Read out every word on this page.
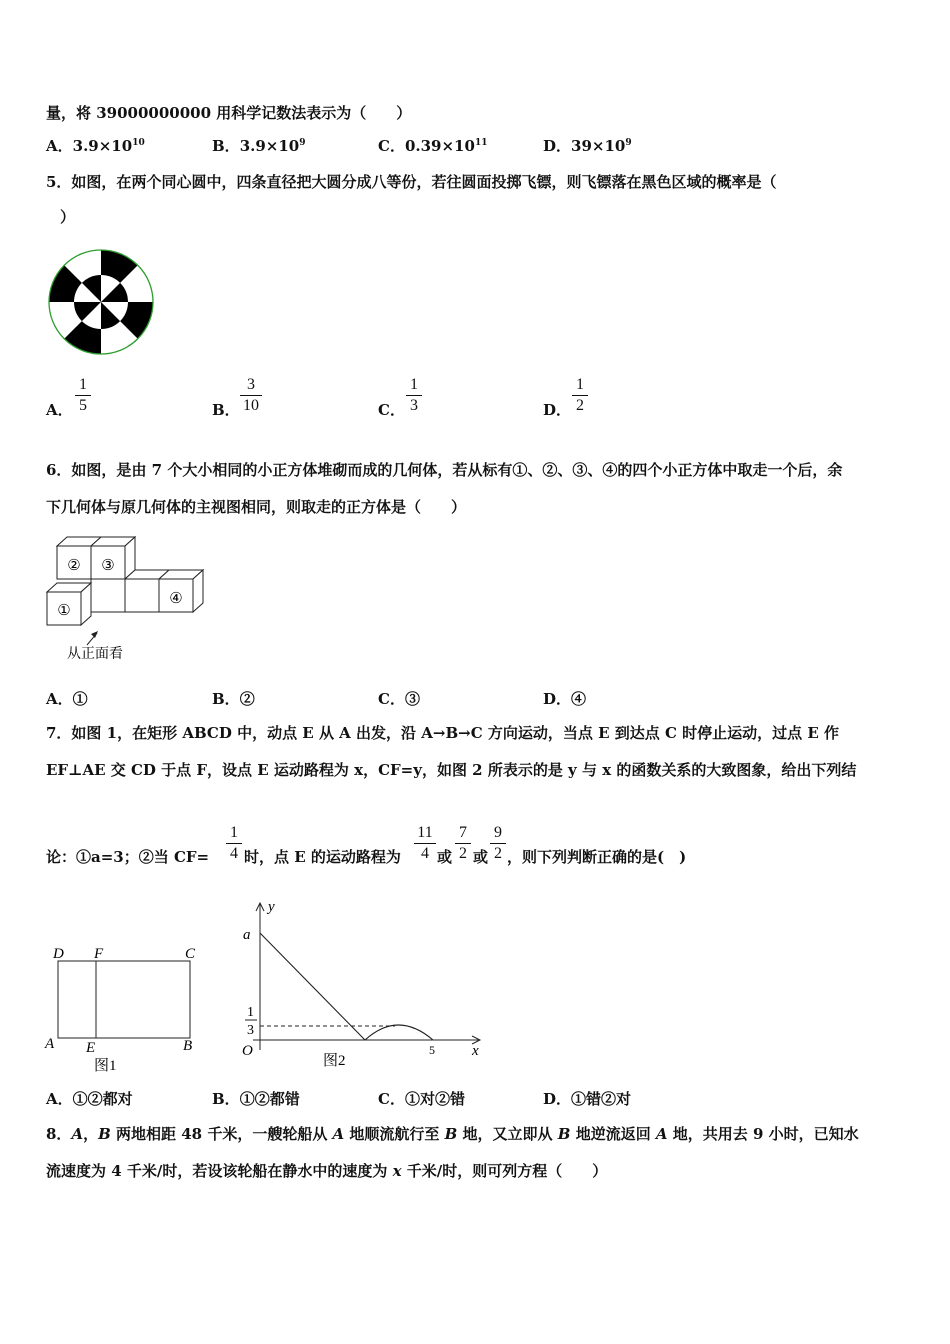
量，将 39000000000 用科学记数法表示为（　　）
A．$3.9\times 10^{10}$	B．$3.9\times 10^9$	C．$0.39\times 10^{11}$	D．$39\times 10^9$
5．如图，在两个同心圆中，四条直径把大圆分成八等份，若往圆面投掷飞镖，则飞镖落在黑色区域的概率是（
）
A．
1
5	B．
3
10	C．
1
3	D．
1
2
6．如图，是由 7 个大小相同的小正方体堆砌而成的几何体，若从标有①、②、③、④的四个小正方体中取走一个后，余
下几何体与原几何体的主视图相同，则取走的正方体是（　　）
② ③
①
④
从正面看
A．①	B．②	C．③	D．④
7．如图 1，在矩形 ABCD 中，动点 E 从 A 出发，沿 A→B→C 方向运动，当点 E 到达点 C 时停止运动，过点 E 作
EF⊥AE 交 CD 于点 F，设点 E 运动路程为 x，CF=y，如图 2 所表示的是 y 与 x 的函数关系的大致图象，给出下列结
论：①a=3；②当 CF=
1
4 时，点 E 的运动路程为
11
4 或
7
2 或
9
2 ，则下列判断正确的是(　)
D F	C
A E	B
图1
y
a
1
3
O	5 x
图2
A．①②都对	B．①②都错	C．①对②错	D．①错②对
8．A，B 两地相距 48 千米，一艘轮船从 A 地顺流航行至 B 地，又立即从 B 地逆流返回 A 地，共用去 9 小时，已知水
流速度为 4 千米/时，若设该轮船在静水中的速度为 x 千米/时，则可列方程（　　）
